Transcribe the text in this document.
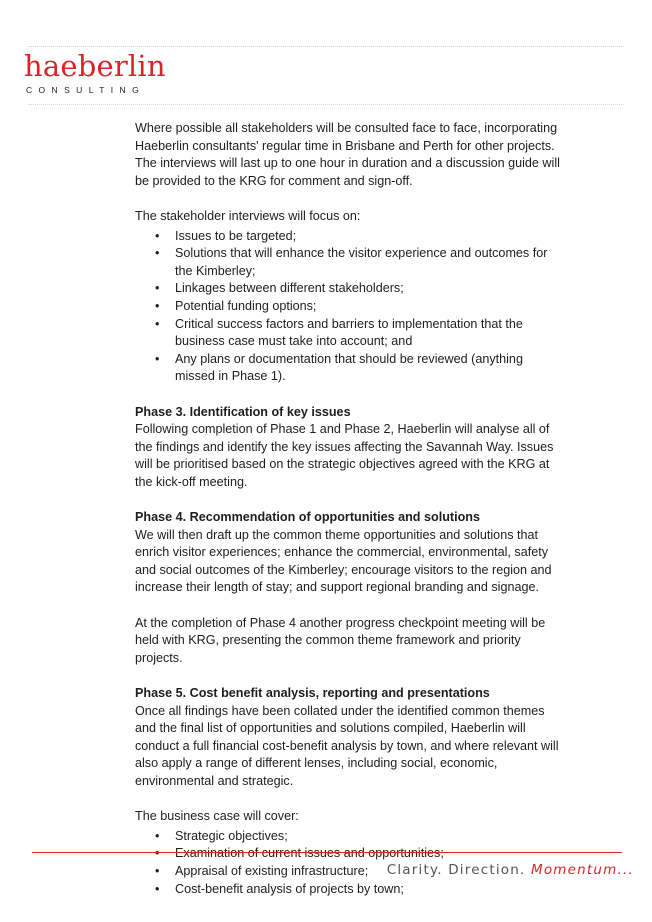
haeberlin
CONSULTING

Where possible all stakeholders will be consulted face to face, incorporating Haeberlin consultants' regular time in Brisbane and Perth for other projects. The interviews will last up to one hour in duration and a discussion guide will be provided to the KRG for comment and sign-off.

The stakeholder interviews will focus on:

•	Issues to be targeted;
•	Solutions that will enhance the visitor experience and outcomes for the Kimberley;
•	Linkages between different stakeholders;
•	Potential funding options;
•	Critical success factors and barriers to implementation that the business case must take into account; and
•	Any plans or documentation that should be reviewed (anything missed in Phase 1).

Phase 3. Identification of key issues

Following completion of Phase 1 and Phase 2, Haeberlin will analyse all of the findings and identify the key issues affecting the Savannah Way. Issues will be prioritised based on the strategic objectives agreed with the KRG at the kick-off meeting.

Phase 4. Recommendation of opportunities and solutions

We will then draft up the common theme opportunities and solutions that enrich visitor experiences; enhance the commercial, environmental, safety and social outcomes of the Kimberley; encourage visitors to the region and increase their length of stay; and support regional branding and signage.

At the completion of Phase 4 another progress checkpoint meeting will be held with KRG, presenting the common theme framework and priority projects.

Phase 5. Cost benefit analysis, reporting and presentations

Once all findings have been collated under the identified common themes and the final list of opportunities and solutions compiled, Haeberlin will conduct a full financial cost-benefit analysis by town, and where relevant will also apply a range of different lenses, including social, economic, environmental and strategic.

The business case will cover:

•	Strategic objectives;
•	Examination of current issues and opportunities;
•	Appraisal of existing infrastructure;
•	Cost-benefit analysis of projects by town;
Clarity. Direction. Momentum...
